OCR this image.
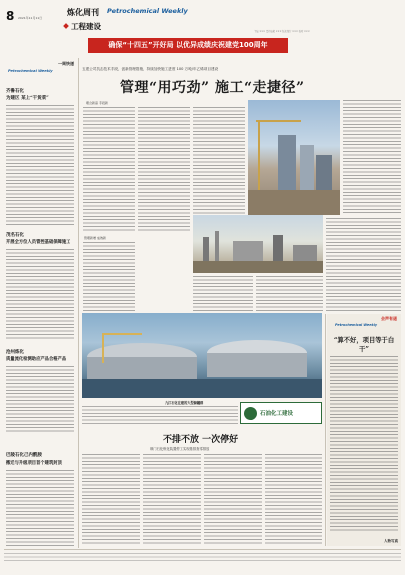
8 2021年11月11日
炼化周刊
工程建设
Petrochemical Weekly
主编 ××× 责任编辑 ××× 版式设计 ××× 校对 ×××
确保“十四五”开好局 以优异成绩庆祝建党100周年
一周快递
Petrochemical Weekly
齐鲁石化
为建区 某上“干货菜”
茂名石化
开展全方位人员管控基础保障施工
沧州炼化
质量流化检测助应产品合格产品
巴陵石化己内酰胺
搬迁与升级项目首个建筑封顶
五建公司抗击技术手段，创新管理措施，持续加快施工进度 100 万吨/年乙烯项目建设
管理“用巧劲” 施工“走捷径”
理念新高 手段新
管理新增 成效新
九江石化在建的大型储罐群
石油化工建设
不排不放 一次停好
荆门石化炼化装置停工实现基排查零排放
会声有道
Petrochemical Weekly
“算不好，项目等于白干”
人物写真
